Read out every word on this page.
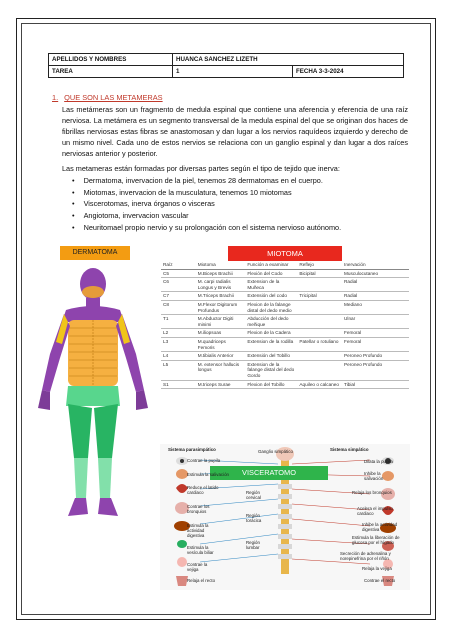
APELLIDOS Y NOMBRES	HUANCA SANCHEZ LIZETH	
TAREA	1	FECHA 3-3-2024
1. QUE SON LAS METAMERAS
Las metámeras son un fragmento de medula espinal que contiene una aferencia y eferencia de una raíz nerviosa. La metámera es un segmento transversal de la medula espinal del que se originan dos haces de fibrillas nerviosas estas fibras se anastomosan y dan lugar a los nervios raquídeos izquierdo y derecho de un mismo nivel. Cada uno de estos nervios se relaciona con un ganglio espinal y dan lugar a dos raíces nerviosas anterior y posterior.
Las metameras están formadas por diversas partes según el tipo de tejido que inerva:
• Dermatoma, invervacion de la piel, tenemos 28 dermatomas en el cuerpo.
• Miotomas, invervacion de la musculatura, tenemos 10 miotomas
• Viscerotomas, inerva órganos o visceras
• Angiotoma, invervacion vascular
• Neuritomael propio nervio y su prolongación con el sistema nervioso autónomo.
DERMATOMA	MIOTOMA
Raíz	Miotoma	Función a examinar	Reflejo	Inervación
C5	M.Biceps Brachii	Flexión del Codo	Bicipital	Musculocutaneo
C6	M. carpi radialis Longus y Brevis	Extension de la Muñeca		Radial
C7	M.Triceps Brachii	Extensión del codo	Tricipital	Radial
C8	M.Flexor Digitorum Profundus	Flexion de la falange distal del dedo medio		Mediano
T1	M.Abductor Digiti minimi	Abducción del dedo meñique		Ulnar
L2	M.iliopsoas	Flexion de la Cadera		Femoral
L3	M.quadriceps Femoris	Extension de la rodilla	Patellar o rotuliano	Femoral
L4	M.tibialis Anterior	Extensión del Tobillo		Peroneo Profundo
L5	M. extensor hallucis longus	Extension de la falange distal del dedo Gordo		Peroneo Profundo
S1	M.triceps Surae	Flexion del Tobillo	Aquileo o calcaneo	Tibial
VISCERATOMO
Sistema parasimpático	Ganglio simpático	Sistema simpático
Contrae la pupila
Estimula la salivación
Reduce el latido cardiaco
Contrae los bronquios
Estimula la actividad digestiva
Estimula la vesícula biliar
Contrae la vejiga
Relaja el recto
Región cervical
Región torácica
Región lumbar
Dilata la pupila
Inhibe la salivación
Relaja los bronquios
Acelera el impulso cardiaco
Inhibe la actividad digestiva
Estimula la liberación de glucosa por el hígado
Secreción de adrenalina y norepinefrina por el riñón
Relaja la vejiga
Contrae el recto
